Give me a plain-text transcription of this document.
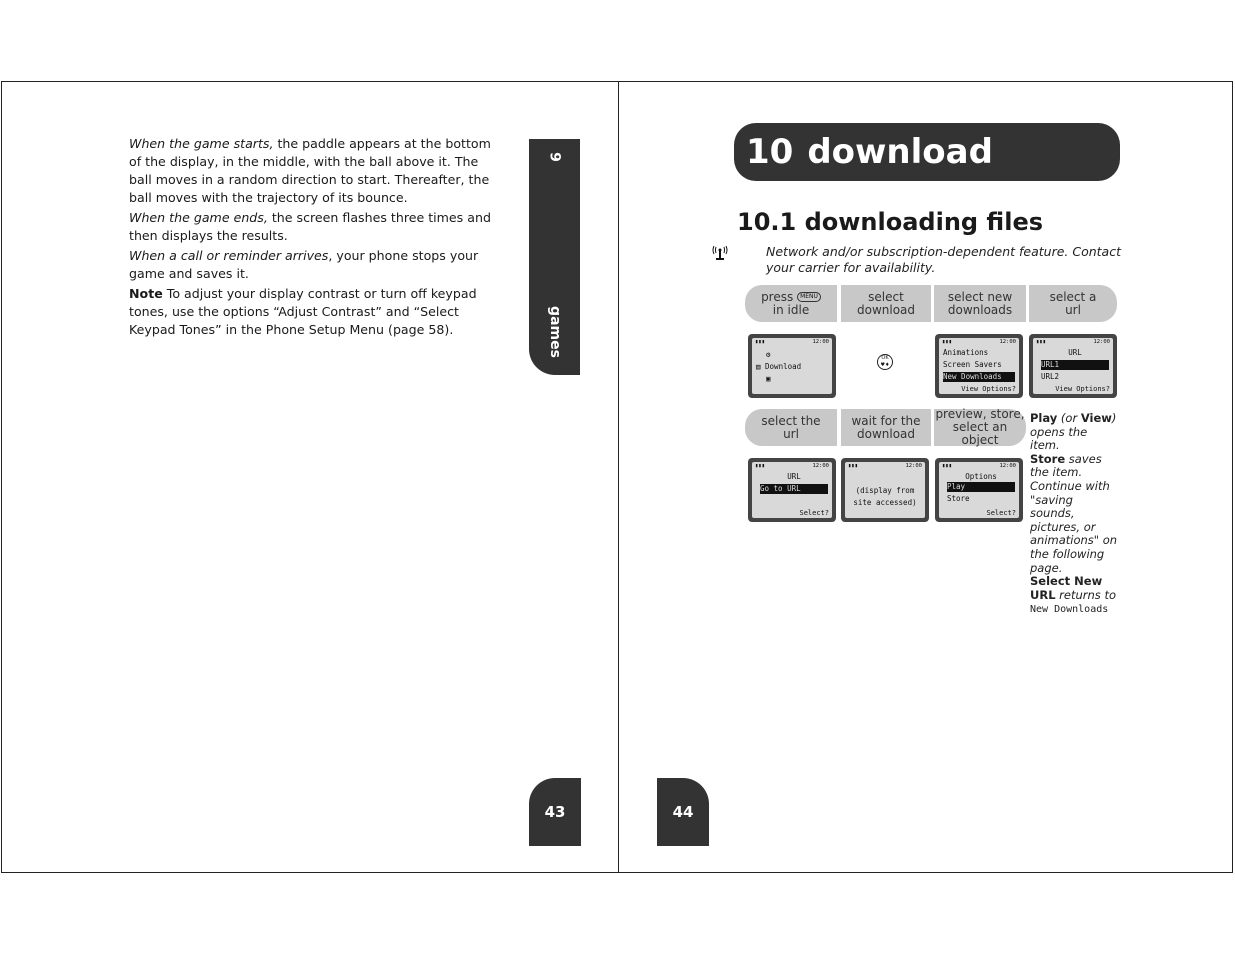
When the game starts, the paddle appears at the bottom of the display, in the middle, with the ball above it. The ball moves in a random direction to start. Thereafter, the ball moves with the trajectory of its bounce.

When the game ends, the screen flashes three times and then displays the results.

When a call or reminder arrives, your phone stops your game and saves it.

Note To adjust your display contrast or turn off keypad tones, use the options “Adjust Contrast” and “Select Keypad Tones” in the Phone Setup Menu (page 58).

9
games
43	44
10 download
10.1 downloading files
Network and/or subscription-dependent feature. Contact your carrier for availability.
press MENU
in idle
select
download
select new
downloads
select a
url
▮▮▮	12:00
⚙
▤ Download
▣
OK
♥♦
▮▮▮	12:00
Animations
Screen Savers
New Downloads
View Options?
▮▮▮	12:00
URL
URL1
URL2
View Options?
select the
url
wait for the
download
preview, store,
select an object
▮▮▮	12:00
URL
Go to URL
Select?
▮▮▮	12:00
(display from
site accessed)
▮▮▮	12:00
Options
Play
Store
Select?
Play (or View) opens the item.
Store saves the item. Continue with "saving sounds, pictures, or animations" on the following page.
Select New URL returns to New Downloads
